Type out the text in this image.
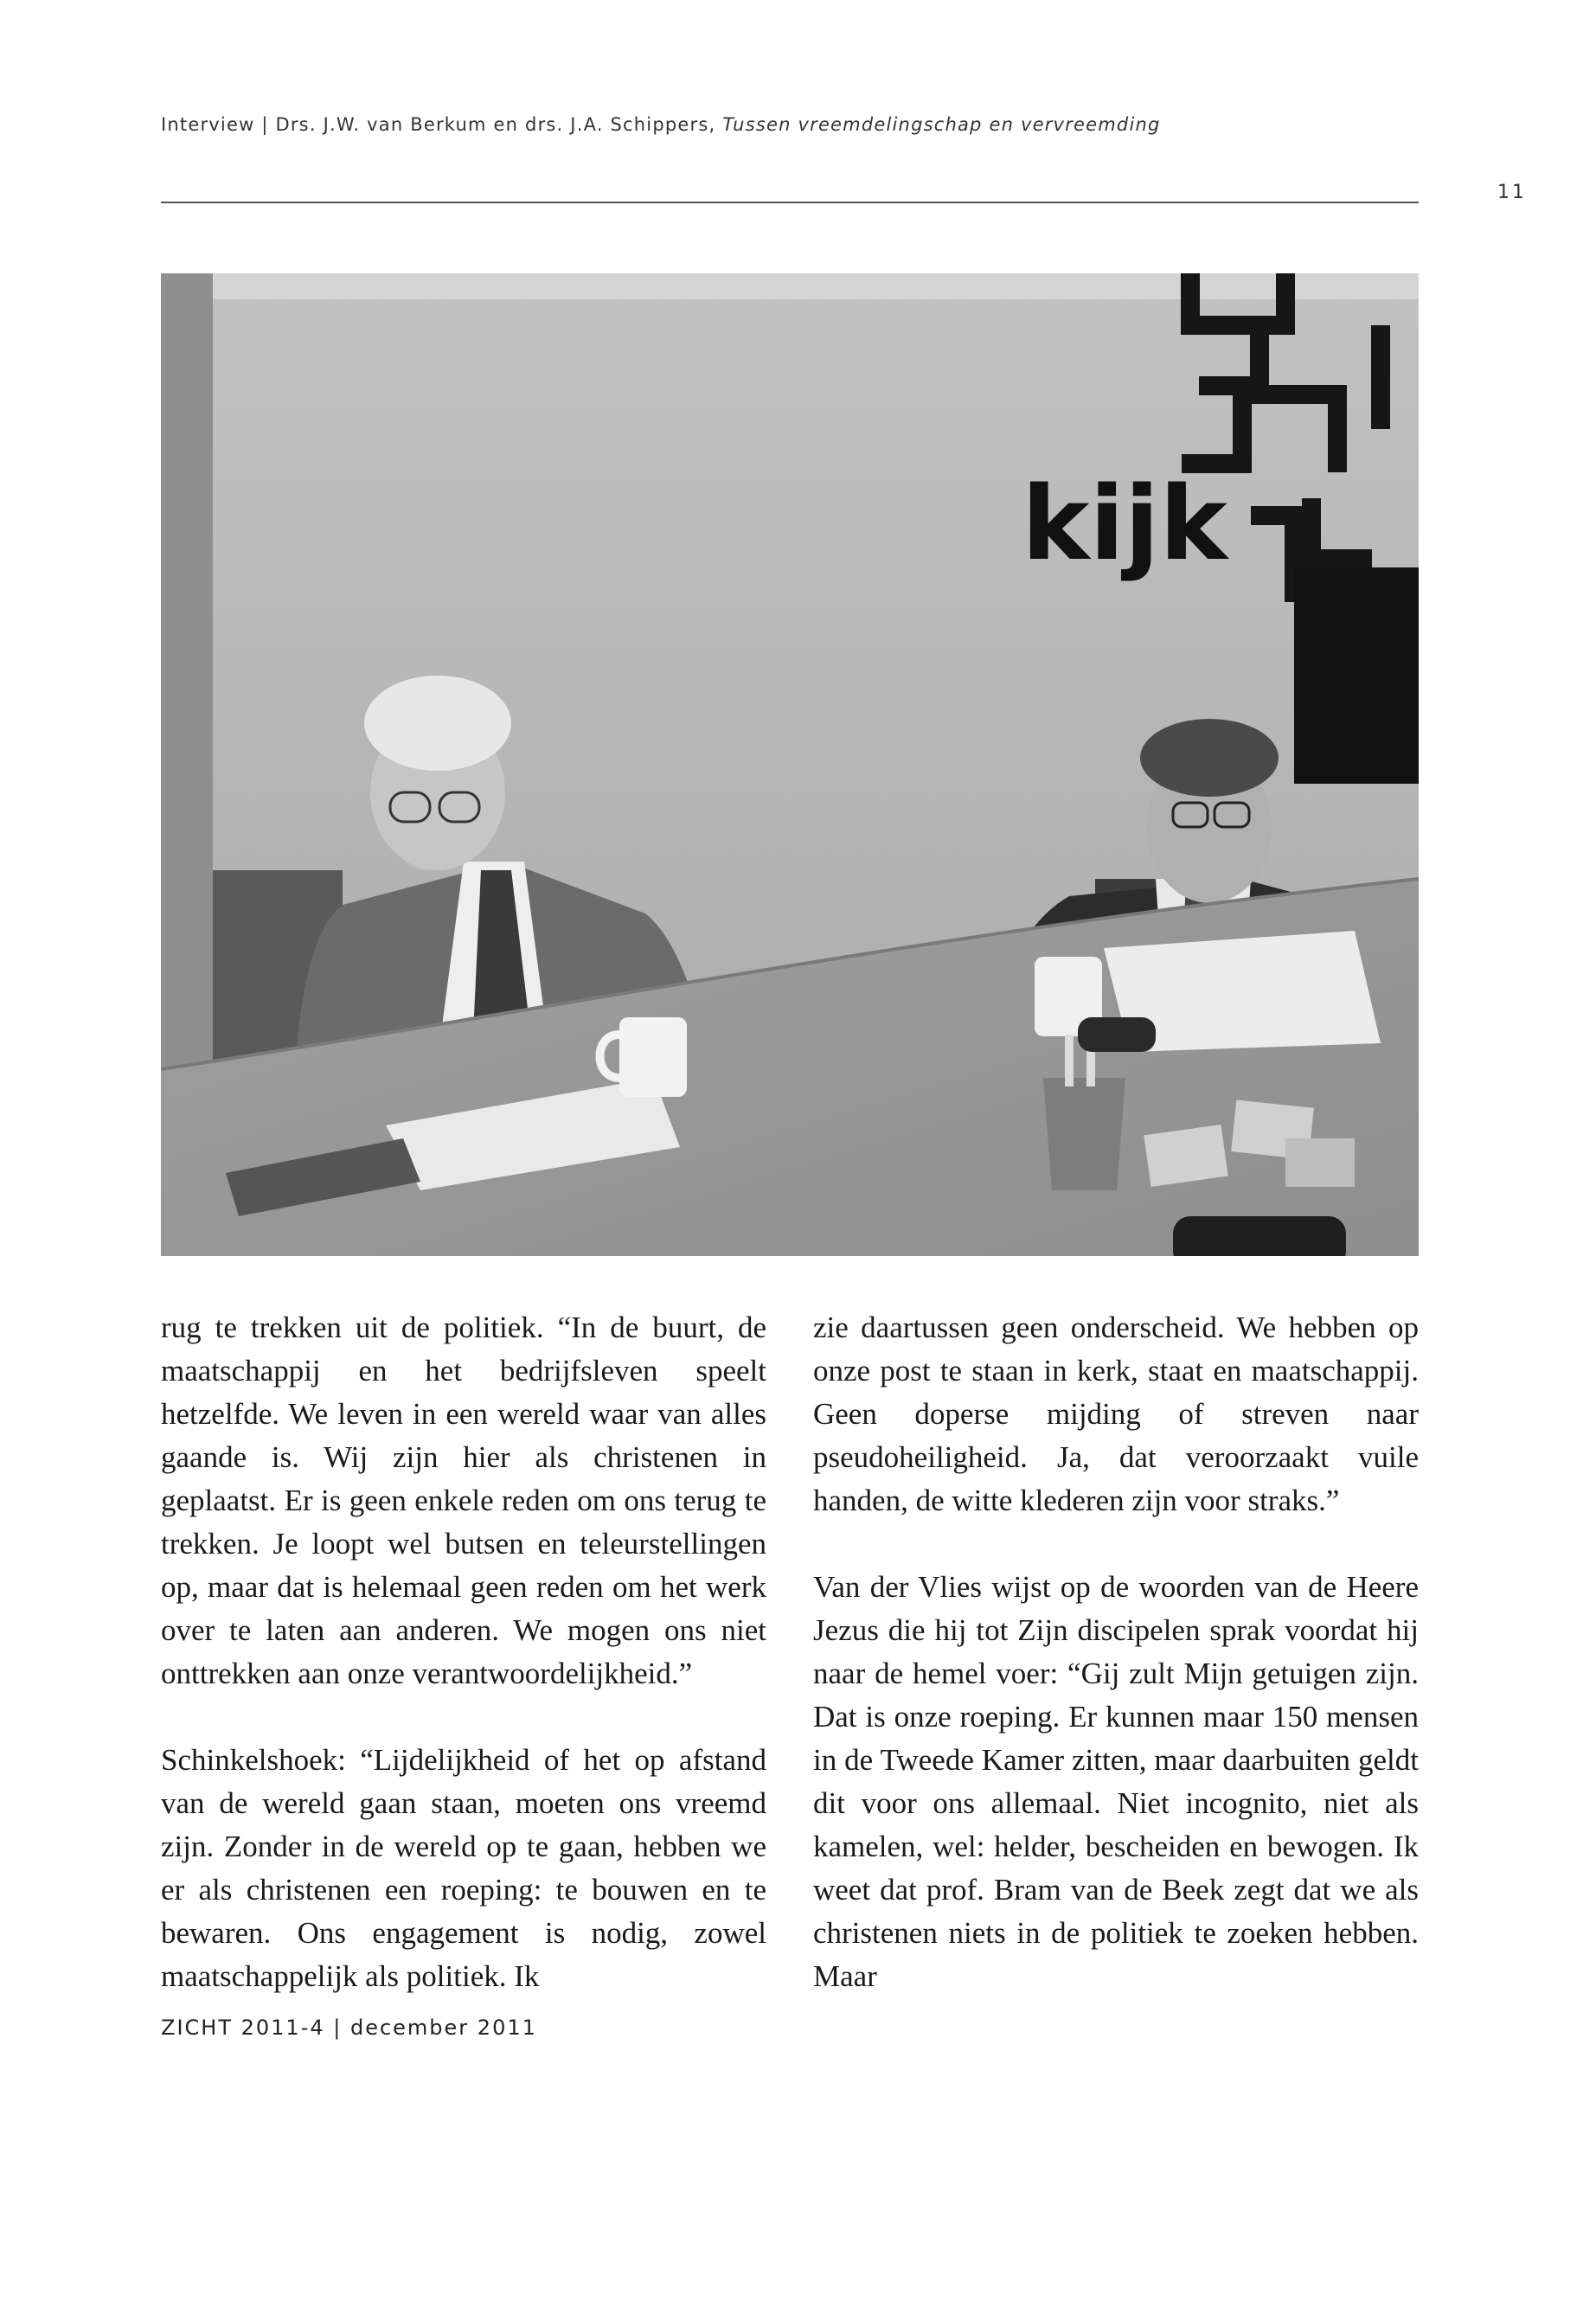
Interview | Drs. J.W. van Berkum en drs. J.A. Schippers, Tussen vreemdelingschap en vervreemding
11
kijk

rug te trekken uit de politiek. “In de buurt, de maatschappij en het bedrijfsleven speelt hetzelfde. We leven in een wereld waar van alles gaande is. Wij zijn hier als christenen in geplaatst. Er is geen enkele reden om ons terug te trekken. Je loopt wel butsen en teleurstellingen op, maar dat is helemaal geen reden om het werk over te laten aan anderen. We mogen ons niet onttrekken aan onze verantwoordelijkheid.”

Schinkelshoek: “Lijdelijkheid of het op afstand van de wereld gaan staan, moeten ons vreemd zijn. Zonder in de wereld op te gaan, hebben we er als christenen een roeping: te bouwen en te bewaren. Ons engagement is nodig, zowel maatschappelijk als politiek. Ik

zie daartussen geen onderscheid. We hebben op onze post te staan in kerk, staat en maatschappij. Geen doperse mijding of streven naar pseudoheiligheid. Ja, dat veroorzaakt vuile handen, de witte klederen zijn voor straks.”

Van der Vlies wijst op de woorden van de Heere Jezus die hij tot Zijn discipelen sprak voordat hij naar de hemel voer: “Gij zult Mijn getuigen zijn. Dat is onze roeping. Er kunnen maar 150 mensen in de Tweede Kamer zitten, maar daarbuiten geldt dit voor ons allemaal. Niet incognito, niet als kamelen, wel: helder, bescheiden en bewogen. Ik weet dat prof. Bram van de Beek zegt dat we als christenen niets in de politiek te zoeken hebben. Maar

ZICHT 2011-4 | december 2011
